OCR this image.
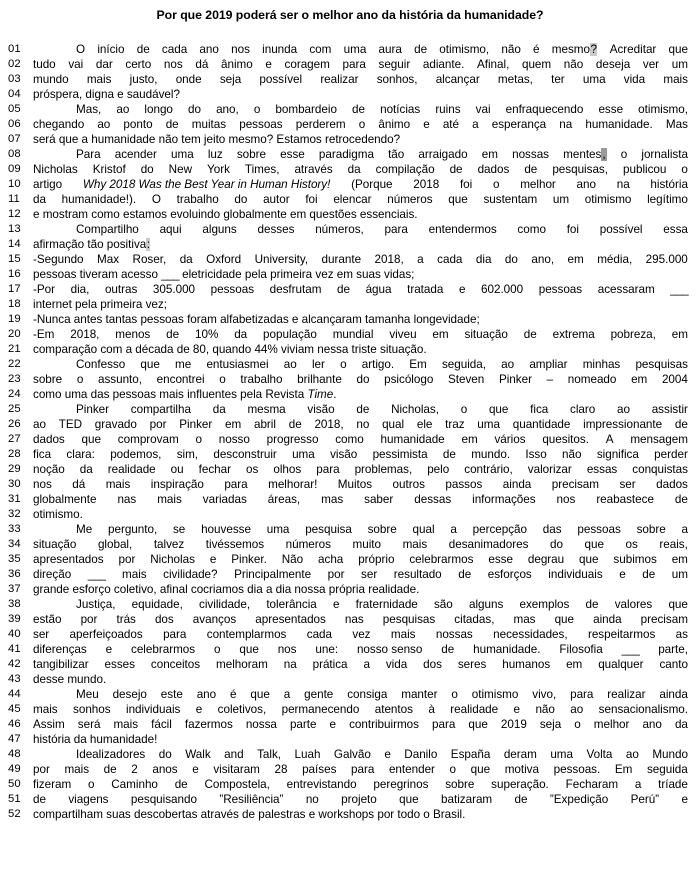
Por que 2019 poderá ser o melhor ano da história da humanidade?
01	O início de cada ano nos inunda com uma aura de otimismo, não é mesmo? Acreditar que
02	tudo vai dar certo nos dá ânimo e coragem para seguir adiante. Afinal, quem não deseja ver um
03	mundo mais justo, onde seja possível realizar sonhos, alcançar metas, ter uma vida mais
04	próspera, digna e saudável?
05	Mas, ao longo do ano, o bombardeio de notícias ruins vai enfraquecendo esse otimismo,
06	chegando ao ponto de muitas pessoas perderem o ânimo e até a esperança na humanidade. Mas
07	será que a humanidade não tem jeito mesmo? Estamos retrocedendo?
08	Para acender uma luz sobre esse paradigma tão arraigado em nossas mentes, o jornalista
09	Nicholas Kristof do New York Times, através da compilação de dados de pesquisas, publicou o
10	artigo Why 2018 Was the Best Year in Human History! (Porque 2018 foi o melhor ano na história
11	da humanidade!). O trabalho do autor foi elencar números que sustentam um otimismo legítimo
12	e mostram como estamos evoluindo globalmente em questões essenciais.
13	Compartilho aqui alguns desses números, para entendermos como foi possível essa
14	afirmação tão positiva:
15	-Segundo Max Roser, da Oxford University, durante 2018, a cada dia do ano, em média, 295.000
16	pessoas tiveram acesso ___ eletricidade pela primeira vez em suas vidas;
17	-Por dia, outras 305.000 pessoas desfrutam de água tratada e 602.000 pessoas acessaram ___
18	internet pela primeira vez;
19	-Nunca antes tantas pessoas foram alfabetizadas e alcançaram tamanha longevidade;
20	-Em 2018, menos de 10% da população mundial viveu em situação de extrema pobreza, em
21	comparação com a década de 80, quando 44% viviam nessa triste situação.
22	Confesso que me entusiasmei ao ler o artigo. Em seguida, ao ampliar minhas pesquisas
23	sobre o assunto, encontrei o trabalho brilhante do psicólogo Steven Pinker – nomeado em 2004
24	como uma das pessoas mais influentes pela Revista Time.
25	Pinker compartilha da mesma visão de Nicholas, o que fica claro ao assistir
26	ao TED gravado por Pinker em abril de 2018, no qual ele traz uma quantidade impressionante de
27	dados que comprovam o nosso progresso como humanidade em vários quesitos. A mensagem
28	fica clara: podemos, sim, desconstruir uma visão pessimista de mundo. Isso não significa perder
29	noção da realidade ou fechar os olhos para problemas, pelo contrário, valorizar essas conquistas
30	nos dá mais inspiração para melhorar! Muitos outros passos ainda precisam ser dados
31	globalmente nas mais variadas áreas, mas saber dessas informações nos reabastece de
32	otimismo.
33	Me pergunto, se houvesse uma pesquisa sobre qual a percepção das pessoas sobre a
34	situação global, talvez tivéssemos números muito mais desanimadores do que os reais,
35	apresentados por Nicholas e Pinker. Não acha próprio celebrarmos esse degrau que subimos em
36	direção ___ mais civilidade? Principalmente por ser resultado de esforços individuais e de um
37	grande esforço coletivo, afinal cocriamos dia a dia nossa própria realidade.
38	Justiça, equidade, civilidade, tolerância e fraternidade são alguns exemplos de valores que
39	estão por trás dos avanços apresentados nas pesquisas citadas, mas que ainda precisam
40	ser aperfeiçoados para contemplarmos cada vez mais nossas necessidades, respeitarmos as
41	diferenças e celebrarmos o que nos une: nosso senso de humanidade. Filosofia ___ parte,
42	tangibilizar esses conceitos melhoram na prática a vida dos seres humanos em qualquer canto
43	desse mundo.
44	Meu desejo este ano é que a gente consiga manter o otimismo vivo, para realizar ainda
45	mais sonhos individuais e coletivos, permanecendo atentos à realidade e não ao sensacionalismo.
46	Assim será mais fácil fazermos nossa parte e contribuirmos para que 2019 seja o melhor ano da
47	história da humanidade!
48	Idealizadores do Walk and Talk, Luah Galvão e Danilo España deram uma Volta ao Mundo
49	por mais de 2 anos e visitaram 28 países para entender o que motiva pessoas. Em seguida
50	fizeram o Caminho de Compostela, entrevistando peregrinos sobre superação. Fecharam a tríade
51	de viagens pesquisando ”Resiliência” no projeto que batizaram de ”Expedição Perú” e
52	compartilham suas descobertas através de palestras e workshops por todo o Brasil.
